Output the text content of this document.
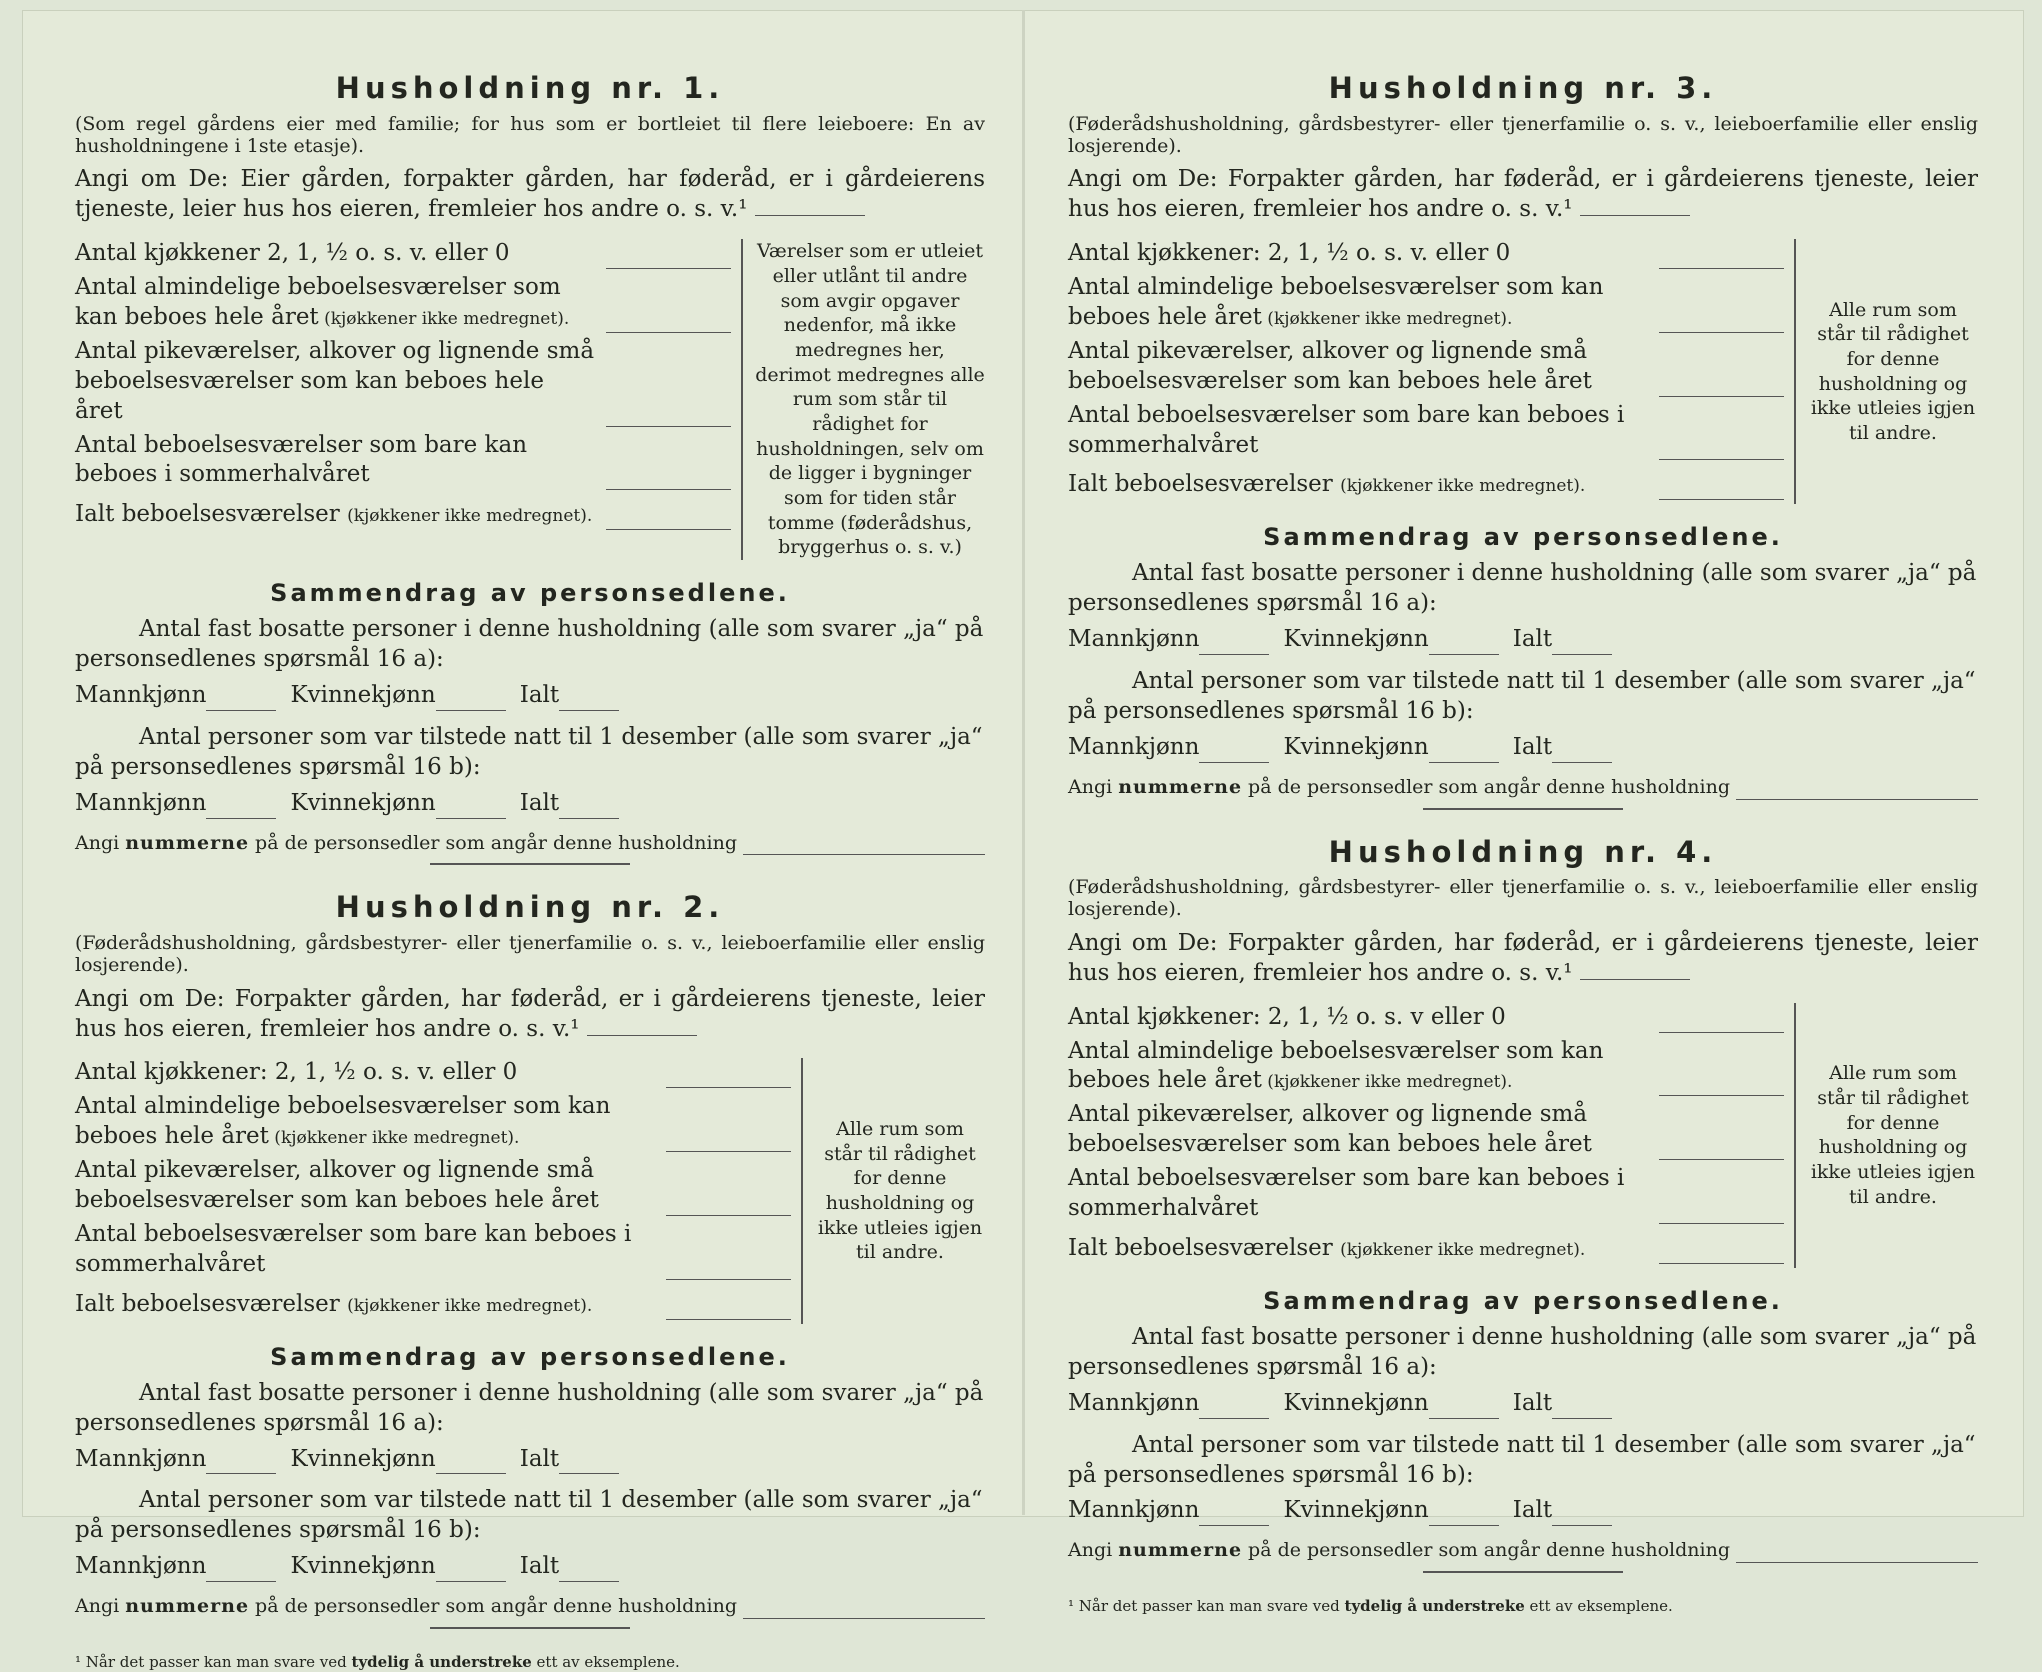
Husholdning nr. 1.

(Som regel gårdens eier med familie; for hus som er bortleiet til flere leieboere: En av husholdningene i 1ste etasje).

Angi om De: Eier gården, forpakter gården, har føderåd, er i gårdeierens tjeneste, leier hus hos eieren, fremleier hos andre o. s. v.¹

Antal kjøkkener 2, 1, ½ o. s. v. eller 0
Antal almindelige beboelsesværelser som kan beboes hele året (kjøkkener ikke medregnet).
Antal pikeværelser, alkover og lignende små beboelsesværelser som kan beboes hele året
Antal beboelsesværelser som bare kan beboes i sommerhalvåret
Ialt beboelsesværelser (kjøkkener ikke medregnet).
Værelser som er utleiet eller utlånt til andre som avgir opgaver nedenfor, må ikke medregnes her, derimot medregnes alle rum som står til rådighet for husholdningen, selv om de ligger i bygninger som for tiden står tomme (føderådshus, bryggerhus o. s. v.)
Sammendrag av personsedlene.

Antal fast bosatte personer i denne husholdning (alle som svarer „ja“ på personsedlenes spørsmål 16 a):

Mannkjønn	Kvinnekjønn	Ialt

Antal personer som var tilstede natt til 1 desember (alle som svarer „ja“ på personsedlenes spørsmål 16 b):

Mannkjønn	Kvinnekjønn	Ialt
Angi nummerne på de personsedler som angår denne husholdning
Husholdning nr. 2.

(Føderådshusholdning, gårdsbestyrer- eller tjenerfamilie o. s. v., leieboerfamilie eller enslig losjerende).

Angi om De: Forpakter gården, har føderåd, er i gårdeierens tjeneste, leier hus hos eieren, fremleier hos andre o. s. v.¹

Antal kjøkkener: 2, 1, ½ o. s. v. eller 0
Antal almindelige beboelsesværelser som kan beboes hele året (kjøkkener ikke medregnet).
Antal pikeværelser, alkover og lignende små beboelsesværelser som kan beboes hele året
Antal beboelsesværelser som bare kan beboes i sommerhalvåret
Ialt beboelsesværelser (kjøkkener ikke medregnet).
Alle rum som står til rådighet for denne husholdning og ikke utleies igjen til andre.
Sammendrag av personsedlene.

Antal fast bosatte personer i denne husholdning (alle som svarer „ja“ på personsedlenes spørsmål 16 a):

Mannkjønn	Kvinnekjønn	Ialt

Antal personer som var tilstede natt til 1 desember (alle som svarer „ja“ på personsedlenes spørsmål 16 b):

Mannkjønn	Kvinnekjønn	Ialt
Angi nummerne på de personsedler som angår denne husholdning
¹ Når det passer kan man svare ved tydelig å understreke ett av eksemplene.
Husholdning nr. 3.

(Føderådshusholdning, gårdsbestyrer- eller tjenerfamilie o. s. v., leieboerfamilie eller enslig losjerende).

Angi om De: Forpakter gården, har føderåd, er i gårdeierens tjeneste, leier hus hos eieren, fremleier hos andre o. s. v.¹

Antal kjøkkener: 2, 1, ½ o. s. v. eller 0
Antal almindelige beboelsesværelser som kan beboes hele året (kjøkkener ikke medregnet).
Antal pikeværelser, alkover og lignende små beboelsesværelser som kan beboes hele året
Antal beboelsesværelser som bare kan beboes i sommerhalvåret
Ialt beboelsesværelser (kjøkkener ikke medregnet).
Alle rum som står til rådighet for denne husholdning og ikke utleies igjen til andre.
Sammendrag av personsedlene.

Antal fast bosatte personer i denne husholdning (alle som svarer „ja“ på personsedlenes spørsmål 16 a):

Mannkjønn	Kvinnekjønn	Ialt

Antal personer som var tilstede natt til 1 desember (alle som svarer „ja“ på personsedlenes spørsmål 16 b):

Mannkjønn	Kvinnekjønn	Ialt
Angi nummerne på de personsedler som angår denne husholdning
Husholdning nr. 4.

(Føderådshusholdning, gårdsbestyrer- eller tjenerfamilie o. s. v., leieboerfamilie eller enslig losjerende).

Angi om De: Forpakter gården, har føderåd, er i gårdeierens tjeneste, leier hus hos eieren, fremleier hos andre o. s. v.¹

Antal kjøkkener: 2, 1, ½ o. s. v eller 0
Antal almindelige beboelsesværelser som kan beboes hele året (kjøkkener ikke medregnet).
Antal pikeværelser, alkover og lignende små beboelsesværelser som kan beboes hele året
Antal beboelsesværelser som bare kan beboes i sommerhalvåret
Ialt beboelsesværelser (kjøkkener ikke medregnet).
Alle rum som står til rådighet for denne husholdning og ikke utleies igjen til andre.
Sammendrag av personsedlene.

Antal fast bosatte personer i denne husholdning (alle som svarer „ja“ på personsedlenes spørsmål 16 a):

Mannkjønn	Kvinnekjønn	Ialt

Antal personer som var tilstede natt til 1 desember (alle som svarer „ja“ på personsedlenes spørsmål 16 b):

Mannkjønn	Kvinnekjønn	Ialt
Angi nummerne på de personsedler som angår denne husholdning
¹ Når det passer kan man svare ved tydelig å understreke ett av eksemplene.
